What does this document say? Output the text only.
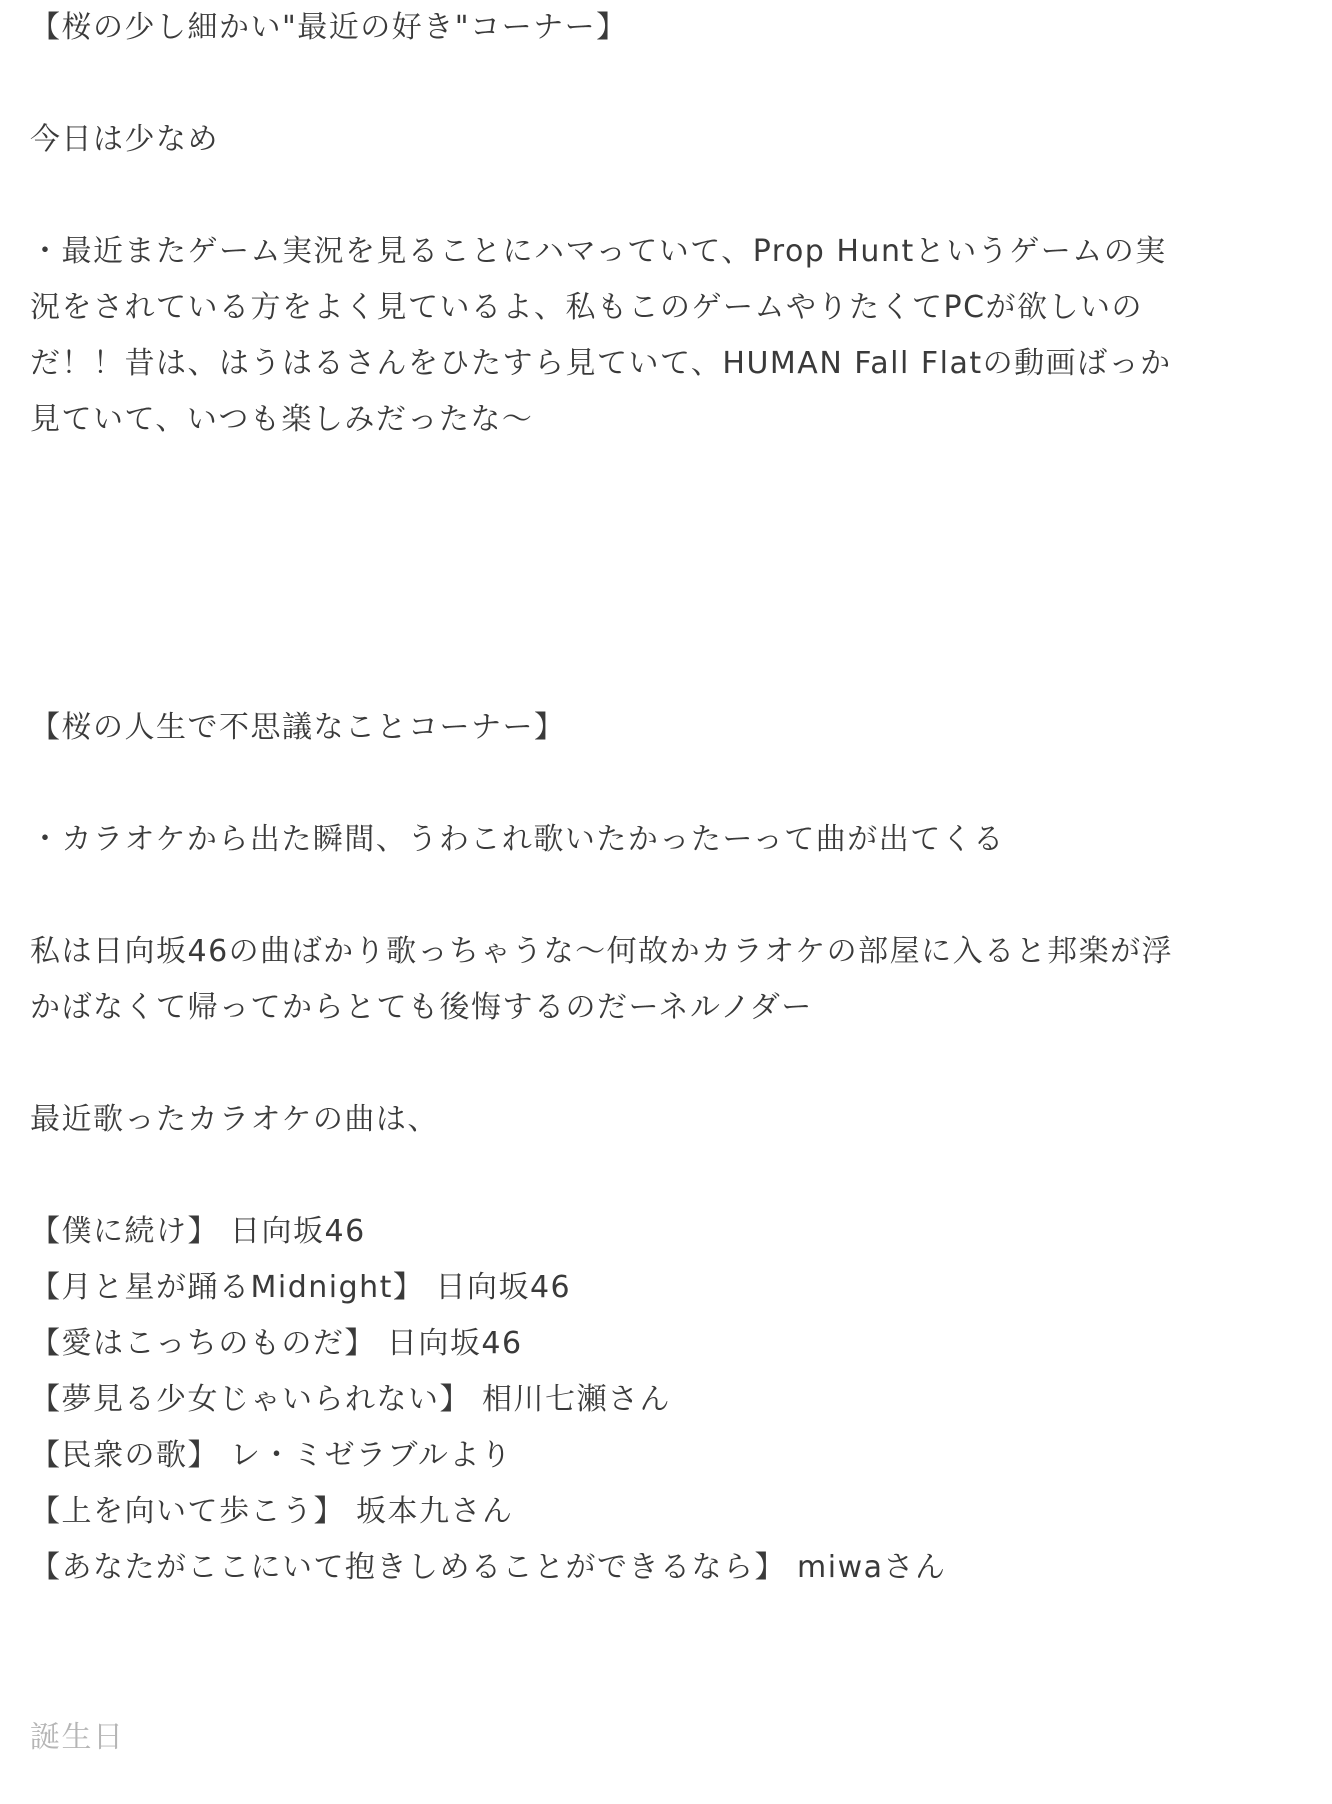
【桜の少し細かい"最近の好き"コーナー】
今日は少なめ
・最近またゲーム実況を見ることにハマっていて、Prop Huntというゲームの実
況をされている方をよく見ているよ、私もこのゲームやりたくてPCが欲しいの
だ！！昔は、はうはるさんをひたすら見ていて、HUMAN Fall Flatの動画ばっか
見ていて、いつも楽しみだったな〜
【桜の人生で不思議なことコーナー】
・カラオケから出た瞬間、うわこれ歌いたかったーって曲が出てくる
私は日向坂46の曲ばかり歌っちゃうな〜何故かカラオケの部屋に入ると邦楽が浮
かばなくて帰ってからとても後悔するのだーネルノダー
最近歌ったカラオケの曲は、
【僕に続け】 日向坂46
【月と星が踊るMidnight】 日向坂46
【愛はこっちのものだ】 日向坂46
【夢見る少女じゃいられない】 相川七瀬さん
【民衆の歌】 レ・ミゼラブルより
【上を向いて歩こう】 坂本九さん
【あなたがここにいて抱きしめることができるなら】 miwaさん
誕生日
